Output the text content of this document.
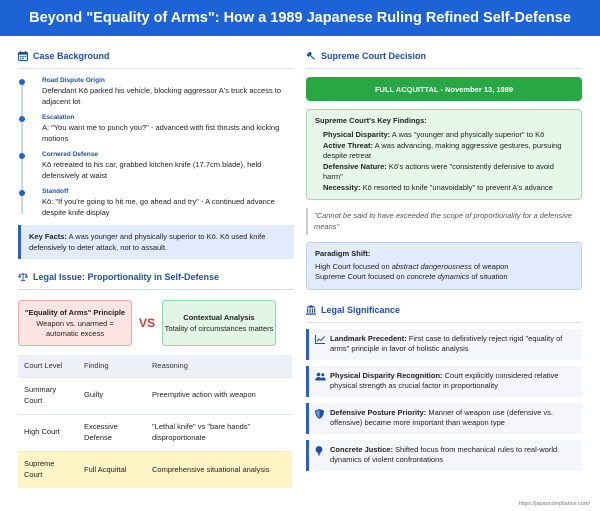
Beyond "Equality of Arms": How a 1989 Japanese Ruling Refined Self-Defense
Case Background
Road Dispute Origin
Defendant Kō parked his vehicle, blocking aggressor A's truck access to adjacent lot
Escalation
A: "You want me to punch you?" - advanced with fist thrusts and kicking motions
Cornered Defense
Kō retreated to his car, grabbed kitchen knife (17.7cm blade), held defensively at waist
Standoff
Kō: "If you're going to hit me, go ahead and try" - A continued advance despite knife display
Key Facts: A was younger and physically superior to Kō. Kō used knife defensively to deter attack, not to assault.
Legal Issue: Proportionality in Self-Defense
"Equality of Arms" Principle
Weapon vs. unarmed = automatic excess
VS	Contextual Analysis
Totality of circumstances matters
Court Level	Finding	Reasoning
Summary Court	Guilty	Preemptive action with weapon
High Court	Excessive Defense	"Lethal knife" vs "bare hands" disproportionate
Supreme Court	Full Acquittal	Comprehensive situational analysis
Supreme Court Decision
FULL ACQUITTAL - November 13, 1989
Supreme Court's Key Findings:
Physical Disparity: A was "younger and physically superior" to Kō
Active Threat: A was advancing, making aggressive gestures, pursuing despite retreat
Defensive Nature: Kō's actions were "consistently defensive to avoid harm"
Necessity: Kō resorted to knife "unavoidably" to prevent A's advance
"Cannot be said to have exceeded the scope of proportionality for a defensive means"
Paradigm Shift:
High Court focused on abstract dangerousness of weapon
Supreme Court focused on concrete dynamics of situation
Legal Significance
Landmark Precedent: First case to definitively reject rigid "equality of arms" principle in favor of holistic analysis
Physical Disparity Recognition: Court explicitly considered relative physical strength as crucial factor in proportionality
Defensive Posture Priority: Manner of weapon use (defensive vs. offensive) became more important than weapon type
Concrete Justice: Shifted focus from mechanical rules to real-world dynamics of violent confrontations
https://japancompliance.com/
